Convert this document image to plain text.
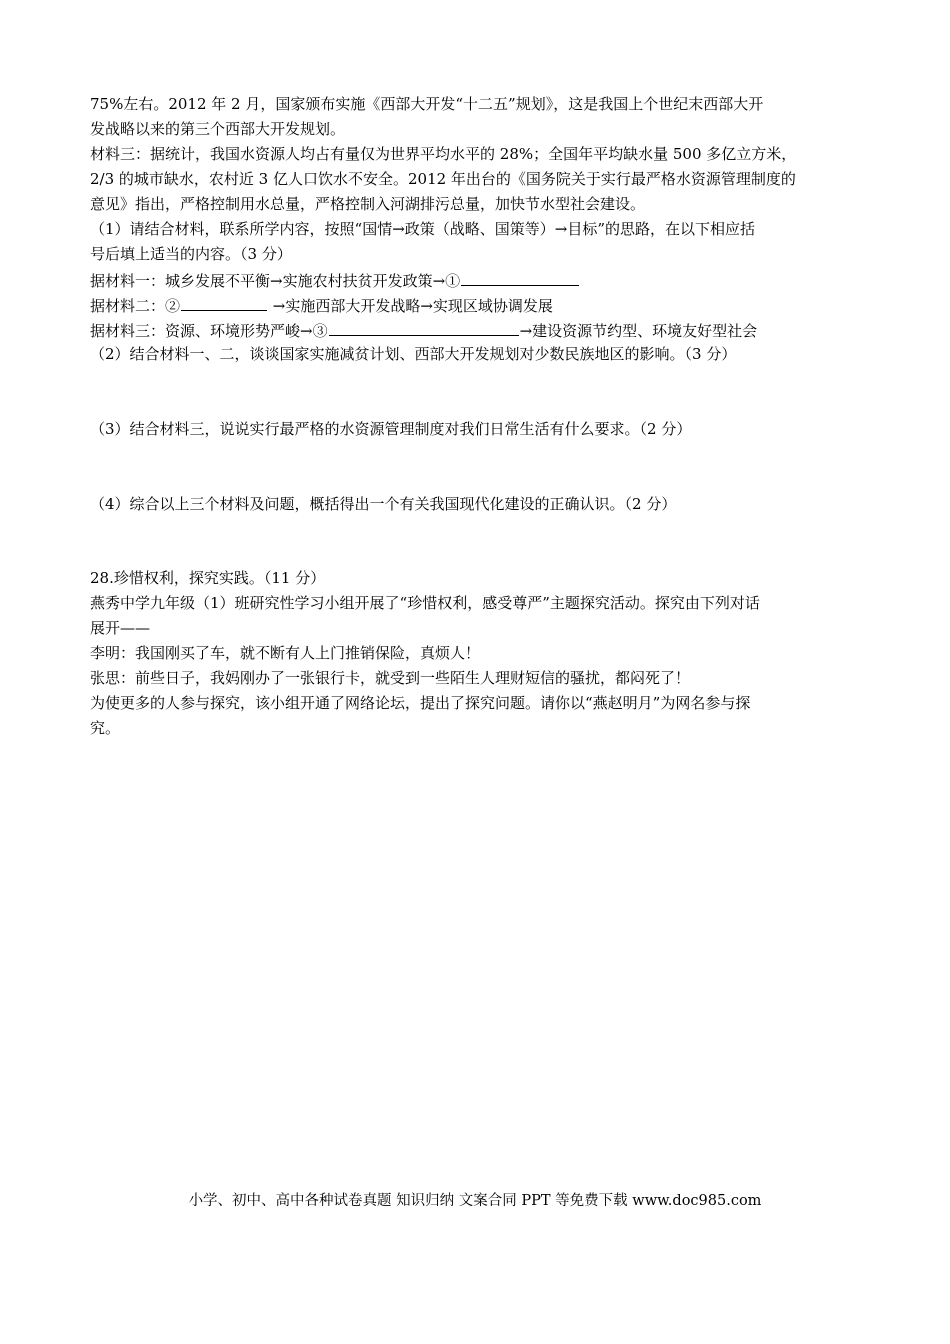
75%左右。2012 年 2 月，国家颁布实施《西部大开发“十二五”规划》，这是我国上个世纪末西部大开
发战略以来的第三个西部大开发规划。
材料三：据统计，我国水资源人均占有量仅为世界平均水平的 28%；全国年平均缺水量 500 多亿立方米，
2/3 的城市缺水，农村近 3 亿人口饮水不安全。2012 年出台的《国务院关于实行最严格水资源管理制度的
意见》指出，严格控制用水总量，严格控制入河湖排污总量，加快节水型社会建设。
（1）请结合材料，联系所学内容，按照“国情→政策（战略、国策等）→目标”的思路，在以下相应括
号后填上适当的内容。（3 分）
据材料一：城乡发展不平衡→实施农村扶贫开发政策→①
据材料二：②	→实施西部大开发战略→实现区域协调发展
据材料三：资源、环境形势严峻→③	→建设资源节约型、环境友好型社会
（2）结合材料一、二，谈谈国家实施减贫计划、西部大开发规划对少数民族地区的影响。（3 分）
（3）结合材料三，说说实行最严格的水资源管理制度对我们日常生活有什么要求。（2 分）
（4）综合以上三个材料及问题，概括得出一个有关我国现代化建设的正确认识。（2 分）
28.珍惜权利，探究实践。（11 分）
燕秀中学九年级（1）班研究性学习小组开展了“珍惜权利，感受尊严”主题探究活动。探究由下列对话
展开——
李明：我国刚买了车，就不断有人上门推销保险，真烦人！
张思：前些日子，我妈刚办了一张银行卡，就受到一些陌生人理财短信的骚扰，都闷死了！
为使更多的人参与探究，该小组开通了网络论坛，提出了探究问题。请你以“燕赵明月”为网名参与探
究。
小学、初中、高中各种试卷真题 知识归纳 文案合同 PPT 等免费下载 www.doc985.com
